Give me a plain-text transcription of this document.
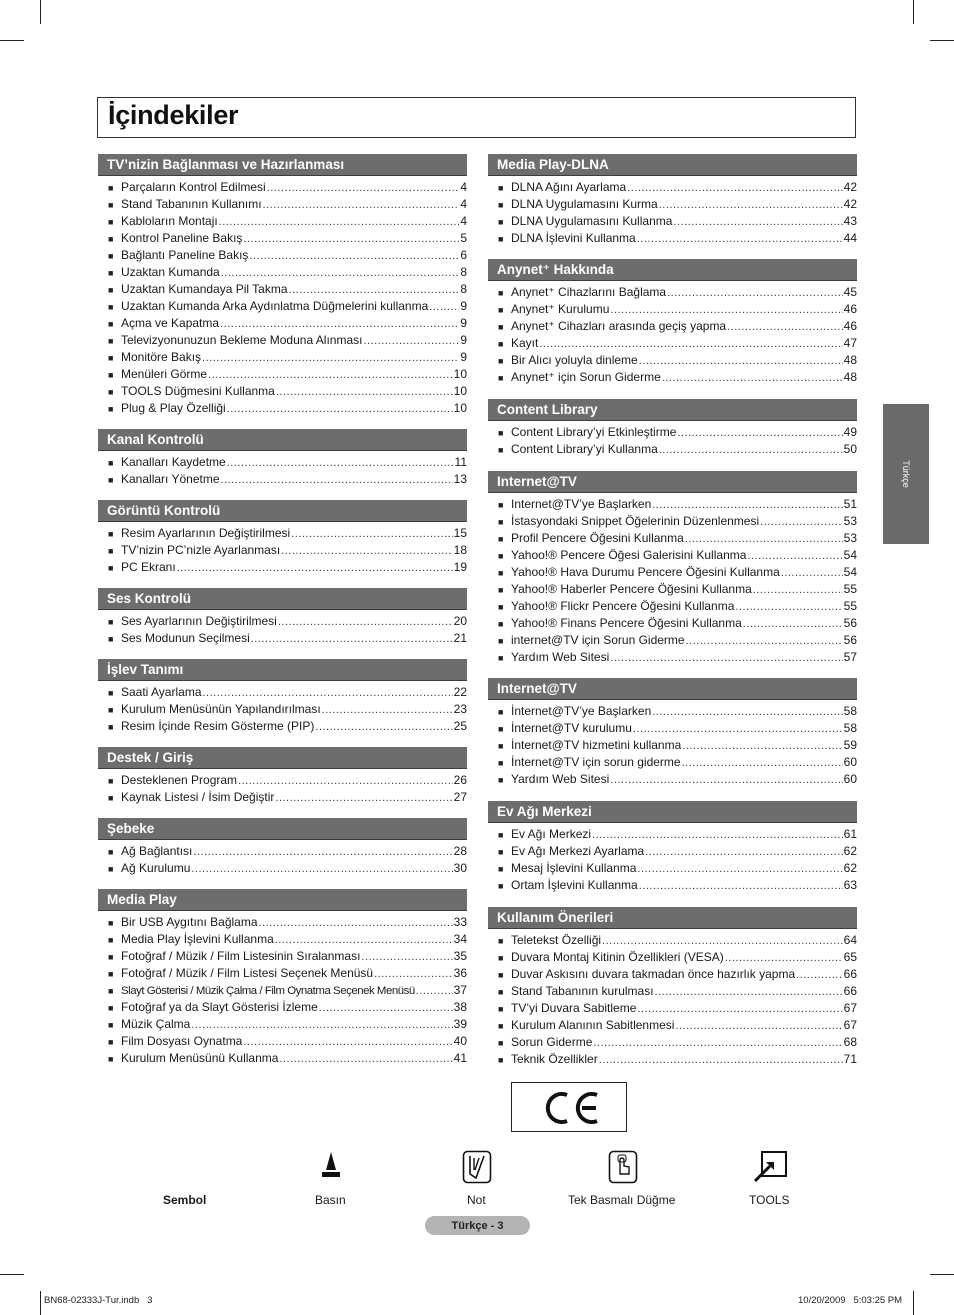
İçindekiler
TV’nizin Bağlanması ve Hazırlanması
■ Parçaların Kontrol Edilmesi .....	4
■ Stand Tabanının Kullanımı .....	4
■ Kabloların Montajı .....	4
■ Kontrol Paneline Bakış .....	5
■ Bağlantı Paneline Bakış .....	6
■ Uzaktan Kumanda .....	8
■ Uzaktan Kumandaya Pil Takma .....	8
■ Uzaktan Kumanda Arka Aydınlatma Düğmelerini kullanma .....	9
■ Açma ve Kapatma .....	9
■ Televizyonunuzun Bekleme Moduna Alınması .....	9
■ Monitöre Bakış .....	9
■ Menüleri Görme .....	10
■ TOOLS Düğmesini Kullanma .....	10
■ Plug & Play Özelliği .....	10
Kanal Kontrolü
■ Kanalları Kaydetme .....	11
■ Kanalları Yönetme .....	13
Görüntü Kontrolü
■ Resim Ayarlarının Değiştirilmesi .....	15
■ TV’nizin PC’nizle Ayarlanması .....	18
■ PC Ekranı .....	19
Ses Kontrolü
■ Ses Ayarlarının Değiştirilmesi .....	20
■ Ses Modunun Seçilmesi .....	21
İşlev Tanımı
■ Saati Ayarlama .....	22
■ Kurulum Menüsünün Yapılandırılması .....	23
■ Resim İçinde Resim Gösterme (PIP) .....	25
Destek / Giriş
■ Desteklenen Program .....	26
■ Kaynak Listesi / İsim Değiştir .....	27
Şebeke
■ Ağ Bağlantısı .....	28
■ Ağ Kurulumu .....	30
Media Play
■ Bir USB Aygıtını Bağlama .....	33
■ Media Play İşlevini Kullanma .....	34
■ Fotoğraf / Müzik / Film Listesinin Sıralanması .....	35
■ Fotoğraf / Müzik / Film Listesi Seçenek Menüsü .....	36
■ Slayt Gösterisi / Müzik Çalma / Film Oynatma Seçenek Menüsü .....	37
■ Fotoğraf ya da Slayt Gösterisi İzleme .....	38
■ Müzik Çalma .....	39
■ Film Dosyası Oynatma .....	40
■ Kurulum Menüsünü Kullanma .....	41
Media Play-DLNA
■ DLNA Ağını Ayarlama .....	42
■ DLNA Uygulamasını Kurma .....	42
■ DLNA Uygulamasını Kullanma .....	43
■ DLNA İşlevini Kullanma .....	44
Anynet⁺ Hakkında
■ Anynet⁺ Cihazlarını Bağlama .....	45
■ Anynet⁺ Kurulumu .....	46
■ Anynet⁺ Cihazları arasında geçiş yapma .....	46
■ Kayıt .....	47
■ Bir Alıcı yoluyla dinleme .....	48
■ Anynet⁺ için Sorun Giderme .....	48
Content Library
■ Content Library’yi Etkinleştirme .....	49
■ Content Library’yi Kullanma .....	50
Internet@TV
■ Internet@TV’ye Başlarken .....	51
■ İstasyondaki Snippet Öğelerinin Düzenlenmesi .....	53
■ Profil Pencere Öğesini Kullanma .....	53
■ Yahoo!® Pencere Öğesi Galerisini Kullanma .....	54
■ Yahoo!® Hava Durumu Pencere Öğesini Kullanma .....	54
■ Yahoo!® Haberler Pencere Öğesini Kullanma .....	55
■ Yahoo!® Flickr Pencere Öğesini Kullanma .....	55
■ Yahoo!® Finans Pencere Öğesini Kullanma .....	56
■ internet@TV için Sorun Giderme .....	56
■ Yardım Web Sitesi .....	57
Internet@TV
■ İnternet@TV’ye Başlarken .....	58
■ İnternet@TV kurulumu .....	58
■ İnternet@TV hizmetini kullanma .....	59
■ İnternet@TV için sorun giderme .....	60
■ Yardım Web Sitesi .....	60
Ev Ağı Merkezi
■ Ev Ağı Merkezi .....	61
■ Ev Ağı Merkezi Ayarlama .....	62
■ Mesaj İşlevini Kullanma .....	62
■ Ortam İşlevini Kullanma .....	63
Kullanım Önerileri
■ Teletekst Özelliği .....	64
■ Duvara Montaj Kitinin Özellikleri (VESA) .....	65
■ Duvar Askısını duvara takmadan önce hazırlık yapma .....	66
■ Stand Tabanının kurulması .....	66
■ TV’yi Duvara Sabitleme .....	67
■ Kurulum Alanının Sabitlenmesi .....	67
■ Sorun Giderme .....	68
■ Teknik Özellikler .....	71
Türkçe
Sembol	Basın	Not	Tek Basmalı Düğme	TOOLS
Türkçe - 3
BN68-02333J-Tur.indb   3	10/20/2009   5:03:25 PM
